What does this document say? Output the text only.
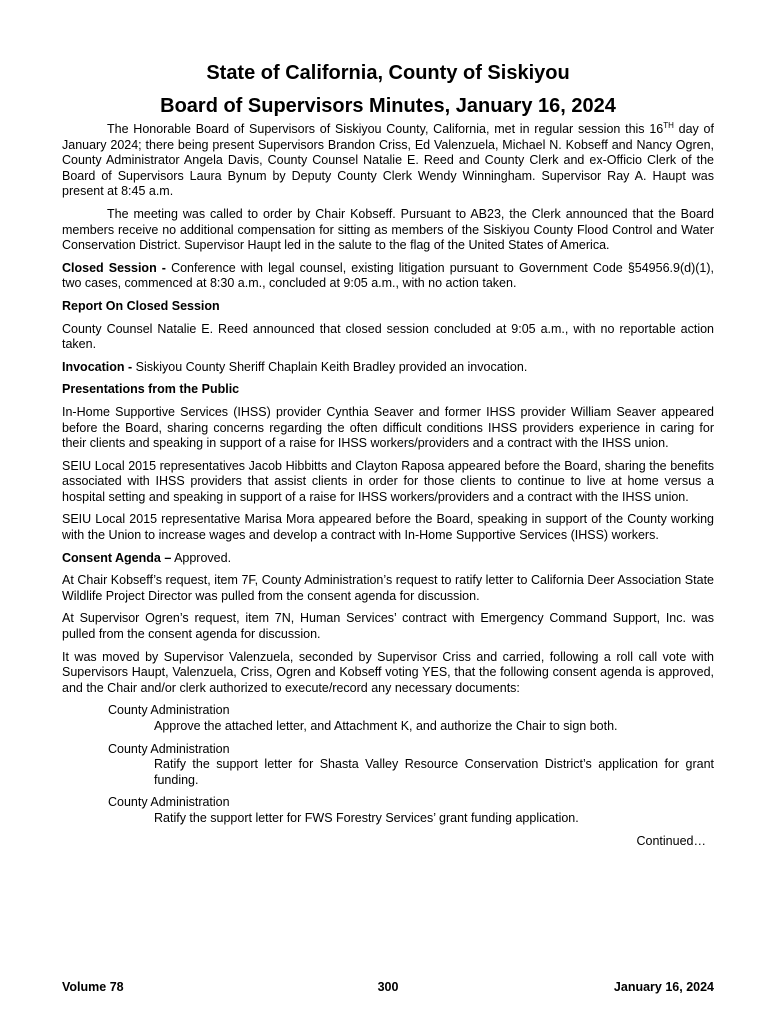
State of California, County of Siskiyou
Board of Supervisors Minutes, January 16, 2024

The Honorable Board of Supervisors of Siskiyou County, California, met in regular session this 16TH day of January 2024; there being present Supervisors Brandon Criss, Ed Valenzuela, Michael N. Kobseff and Nancy Ogren, County Administrator Angela Davis, County Counsel Natalie E. Reed and County Clerk and ex-Officio Clerk of the Board of Supervisors Laura Bynum by Deputy County Clerk Wendy Winningham. Supervisor Ray A. Haupt was present at 8:45 a.m.

The meeting was called to order by Chair Kobseff. Pursuant to AB23, the Clerk announced that the Board members receive no additional compensation for sitting as members of the Siskiyou County Flood Control and Water Conservation District. Supervisor Haupt led in the salute to the flag of the United States of America.

Closed Session - Conference with legal counsel, existing litigation pursuant to Government Code §54956.9(d)(1), two cases, commenced at 8:30 a.m., concluded at 9:05 a.m., with no action taken.

Report On Closed Session

County Counsel Natalie E. Reed announced that closed session concluded at 9:05 a.m., with no reportable action taken.

Invocation - Siskiyou County Sheriff Chaplain Keith Bradley provided an invocation.

Presentations from the Public

In-Home Supportive Services (IHSS) provider Cynthia Seaver and former IHSS provider William Seaver appeared before the Board, sharing concerns regarding the often difficult conditions IHSS providers experience in caring for their clients and speaking in support of a raise for IHSS workers/providers and a contract with the IHSS union.

SEIU Local 2015 representatives Jacob Hibbitts and Clayton Raposa appeared before the Board, sharing the benefits associated with IHSS providers that assist clients in order for those clients to continue to live at home versus a hospital setting and speaking in support of a raise for IHSS workers/providers and a contract with the IHSS union.

SEIU Local 2015 representative Marisa Mora appeared before the Board, speaking in support of the County working with the Union to increase wages and develop a contract with In-Home Supportive Services (IHSS) workers.

Consent Agenda – Approved.

At Chair Kobseff’s request, item 7F, County Administration’s request to ratify letter to California Deer Association State Wildlife Project Director was pulled from the consent agenda for discussion.

At Supervisor Ogren’s request, item 7N, Human Services’ contract with Emergency Command Support, Inc. was pulled from the consent agenda for discussion.

It was moved by Supervisor Valenzuela, seconded by Supervisor Criss and carried, following a roll call vote with Supervisors Haupt, Valenzuela, Criss, Ogren and Kobseff voting YES, that the following consent agenda is approved, and the Chair and/or clerk authorized to execute/record any necessary documents:

County Administration
Approve the attached letter, and Attachment K, and authorize the Chair to sign both.
County Administration
Ratify the support letter for Shasta Valley Resource Conservation District’s application for grant funding.
County Administration
Ratify the support letter for FWS Forestry Services’ grant funding application.
Continued…
Volume 78	300	January 16, 2024
